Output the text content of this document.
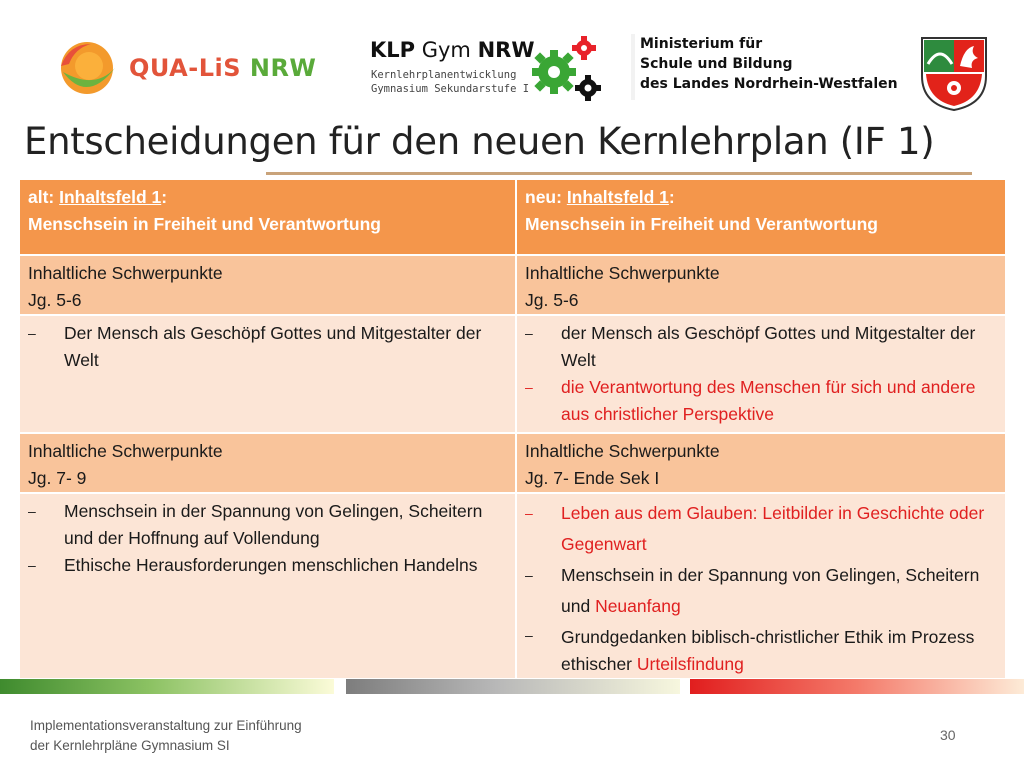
QUA-LiS NRW
KLP Gym NRW
Kernlehrplanentwicklung
Gymnasium Sekundarstufe I
Ministerium für
Schule und Bildung
des Landes Nordrhein-Westfalen
Entscheidungen für den neuen Kernlehrplan (IF 1)
alt: Inhaltsfeld 1:
Menschsein in Freiheit und Verantwortung
neu: Inhaltsfeld 1:
Menschsein in Freiheit und Verantwortung
Inhaltliche Schwerpunkte
Jg. 5-6
Inhaltliche Schwerpunkte
Jg. 5-6
– Der Mensch als Geschöpf Gottes und Mitgestalter der Welt
– der Mensch als Geschöpf Gottes und Mitgestalter der Welt
– die Verantwortung des Menschen für sich und andere aus christlicher Perspektive
Inhaltliche Schwerpunkte
Jg. 7- 9
Inhaltliche Schwerpunkte
Jg. 7- Ende Sek I
– Menschsein in der Spannung von Gelingen, Scheitern und der Hoffnung auf Vollendung
– Ethische Herausforderungen menschlichen Handelns
– Leben aus dem Glauben: Leitbilder in Geschichte oder Gegenwart
– Menschsein in der Spannung von Gelingen, Scheitern und Neuanfang
– Grundgedanken biblisch-christlicher Ethik im Prozess ethischer Urteilsfindung
Implementationsveranstaltung zur Einführung
der Kernlehrpläne Gymnasium SI
30
